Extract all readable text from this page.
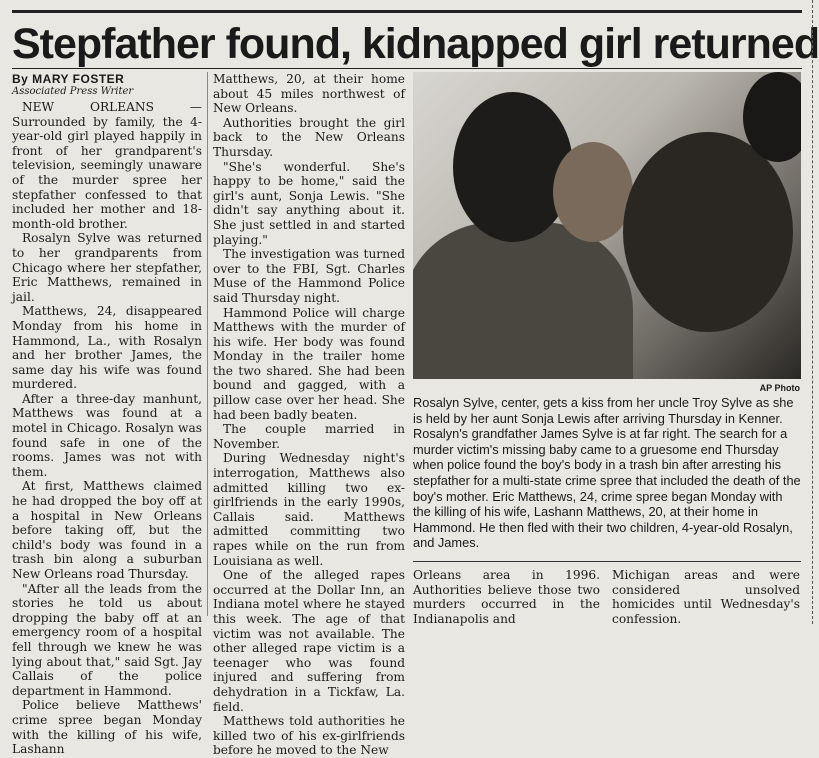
Stepfather found, kidnapped girl returned
By MARY FOSTER
Associated Press Writer

NEW ORLEANS — Surrounded by family, the 4-year-old girl played happily in front of her grandparent's television, seemingly unaware of the murder spree her stepfather confessed to that included her mother and 18-month-old brother.

Rosalyn Sylve was returned to her grandparents from Chicago where her stepfather, Eric Matthews, remained in jail.

Matthews, 24, disappeared Monday from his home in Hammond, La., with Rosalyn and her brother James, the same day his wife was found murdered.

After a three-day manhunt, Matthews was found at a motel in Chicago. Rosalyn was found safe in one of the rooms. James was not with them.

At first, Matthews claimed he had dropped the boy off at a hospital in New Orleans before taking off, but the child's body was found in a trash bin along a suburban New Orleans road Thursday.

"After all the leads from the stories he told us about dropping the baby off at an emergency room of a hospital fell through we knew he was lying about that," said Sgt. Jay Callais of the police department in Hammond.

Police believe Matthews' crime spree began Monday with the killing of his wife, Lashann

Matthews, 20, at their home about 45 miles northwest of New Orleans.

Authorities brought the girl back to the New Orleans Thursday.

"She's wonderful. She's happy to be home," said the girl's aunt, Sonja Lewis. "She didn't say anything about it. She just settled in and started playing."

The investigation was turned over to the FBI, Sgt. Charles Muse of the Hammond Police said Thursday night.

Hammond Police will charge Matthews with the murder of his wife. Her body was found Monday in the trailer home the two shared. She had been bound and gagged, with a pillow case over her head. She had been badly beaten.

The couple married in November.

During Wednesday night's interrogation, Matthews also admitted killing two ex-girlfriends in the early 1990s, Callais said. Matthews admitted committing two rapes while on the run from Louisiana as well.

One of the alleged rapes occurred at the Dollar Inn, an Indiana motel where he stayed this week. The age of that victim was not available. The other alleged rape victim is a teenager who was found injured and suffering from dehydration in a Tickfaw, La. field.

Matthews told authorities he killed two of his ex-girlfriends before he moved to the New

AP Photo
Rosalyn Sylve, center, gets a kiss from her uncle Troy Sylve as she is held by her aunt Sonja Lewis after arriving Thursday in Kenner. Rosalyn's grandfather James Sylve is at far right. The search for a murder victim's missing baby came to a gruesome end Thursday when police found the boy's body in a trash bin after arresting his stepfather for a multi-state crime spree that included the death of the boy's mother. Eric Matthews, 24, crime spree began Monday with the killing of his wife, Lashann Matthews, 20, at their home in Hammond. He then fled with their two children, 4-year-old Rosalyn, and James.

Orleans area in 1996. Authorities believe those two murders occurred in the Indianapolis and

Michigan areas and were considered unsolved homicides until Wednesday's confession.
